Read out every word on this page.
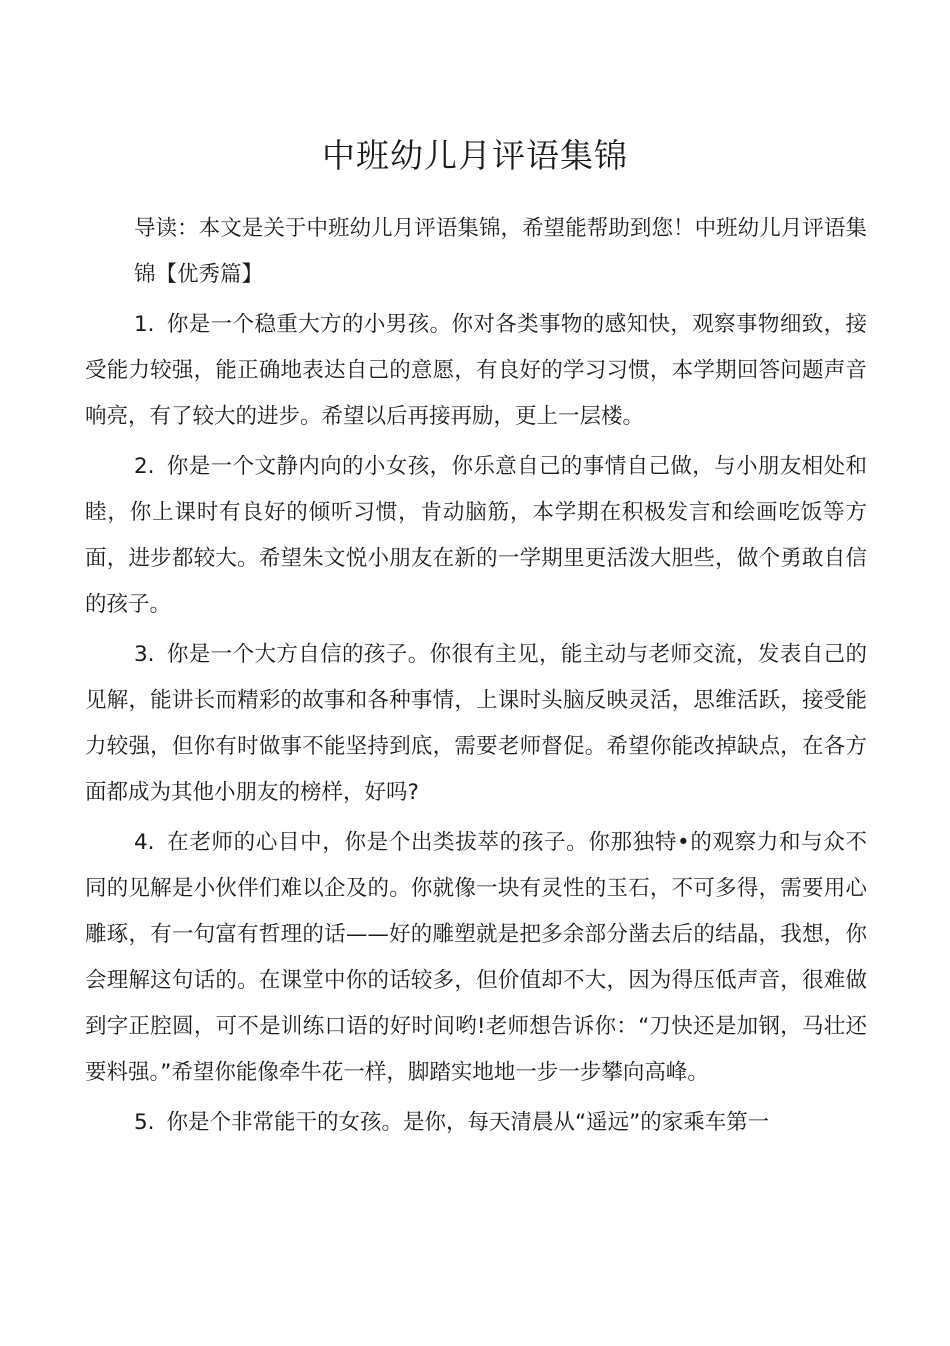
中班幼儿月评语集锦

导读：本文是关于中班幼儿月评语集锦，希望能帮助到您！中班幼儿月评语集锦【优秀篇】

1. 你是一个稳重大方的小男孩。你对各类事物的感知快，观察事物细致，接受能力较强，能正确地表达自己的意愿，有良好的学习习惯，本学期回答问题声音响亮，有了较大的进步。希望以后再接再励，更上一层楼。

2. 你是一个文静内向的小女孩，你乐意自己的事情自己做，与小朋友相处和睦，你上课时有良好的倾听习惯，肯动脑筋，本学期在积极发言和绘画吃饭等方面，进步都较大。希望朱文悦小朋友在新的一学期里更活泼大胆些，做个勇敢自信的孩子。

3. 你是一个大方自信的孩子。你很有主见，能主动与老师交流，发表自己的见解，能讲长而精彩的故事和各种事情，上课时头脑反映灵活，思维活跃，接受能力较强，但你有时做事不能坚持到底，需要老师督促。希望你能改掉缺点，在各方面都成为其他小朋友的榜样，好吗?

4. 在老师的心目中，你是个出类拔萃的孩子。你那独特•的观察力和与众不同的见解是小伙伴们难以企及的。你就像一块有灵性的玉石，不可多得，需要用心雕琢，有一句富有哲理的话——好的雕塑就是把多余部分凿去后的结晶，我想，你会理解这句话的。在课堂中你的话较多，但价值却不大，因为得压低声音，很难做到字正腔圆，可不是训练口语的好时间哟!老师想告诉你：“刀快还是加钢，马壮还要料强。”希望你能像牵牛花一样，脚踏实地地一步一步攀向高峰。

5. 你是个非常能干的女孩。是你，每天清晨从“遥远”的家乘车第一
